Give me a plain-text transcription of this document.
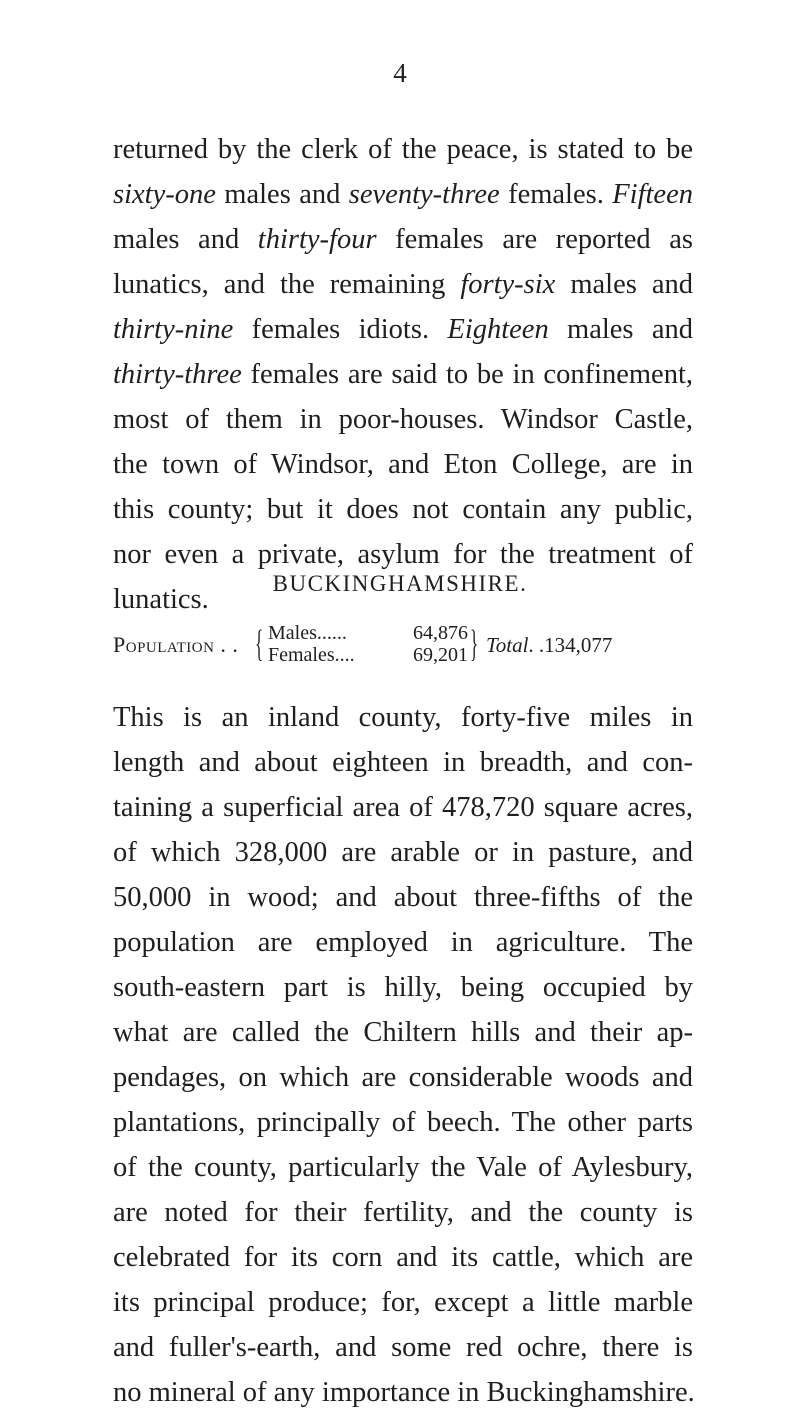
4
returned by the clerk of the peace, is stated to be
sixty-one males and seventy-three females. Fifteen
males and thirty-four females are reported as
lunatics, and the remaining forty-six males and
thirty-nine females idiots. Eighteen males and
thirty-three females are said to be in confinement,
most of them in poor-houses. Windsor Castle,
the town of Windsor, and Eton College, are in
this county; but it does not contain any public,
nor even a private, asylum for the treatment of
lunatics.
BUCKINGHAMSHIRE.
Population . . { Males......	64,876
Females....	69,201 } Total. .134,077
This is an inland county, forty-five miles in
length and about eighteen in breadth, and con-
taining a superficial area of 478,720 square acres,
of which 328,000 are arable or in pasture, and
50,000 in wood; and about three-fifths of the
population are employed in agriculture. The
south-eastern part is hilly, being occupied by
what are called the Chiltern hills and their ap-
pendages, on which are considerable woods and
plantations, principally of beech. The other parts
of the county, particularly the Vale of Aylesbury,
are noted for their fertility, and the county is
celebrated for its corn and its cattle, which are
its principal produce; for, except a little marble
and fuller's-earth, and some red ochre, there is
no mineral of any importance in Buckinghamshire.
